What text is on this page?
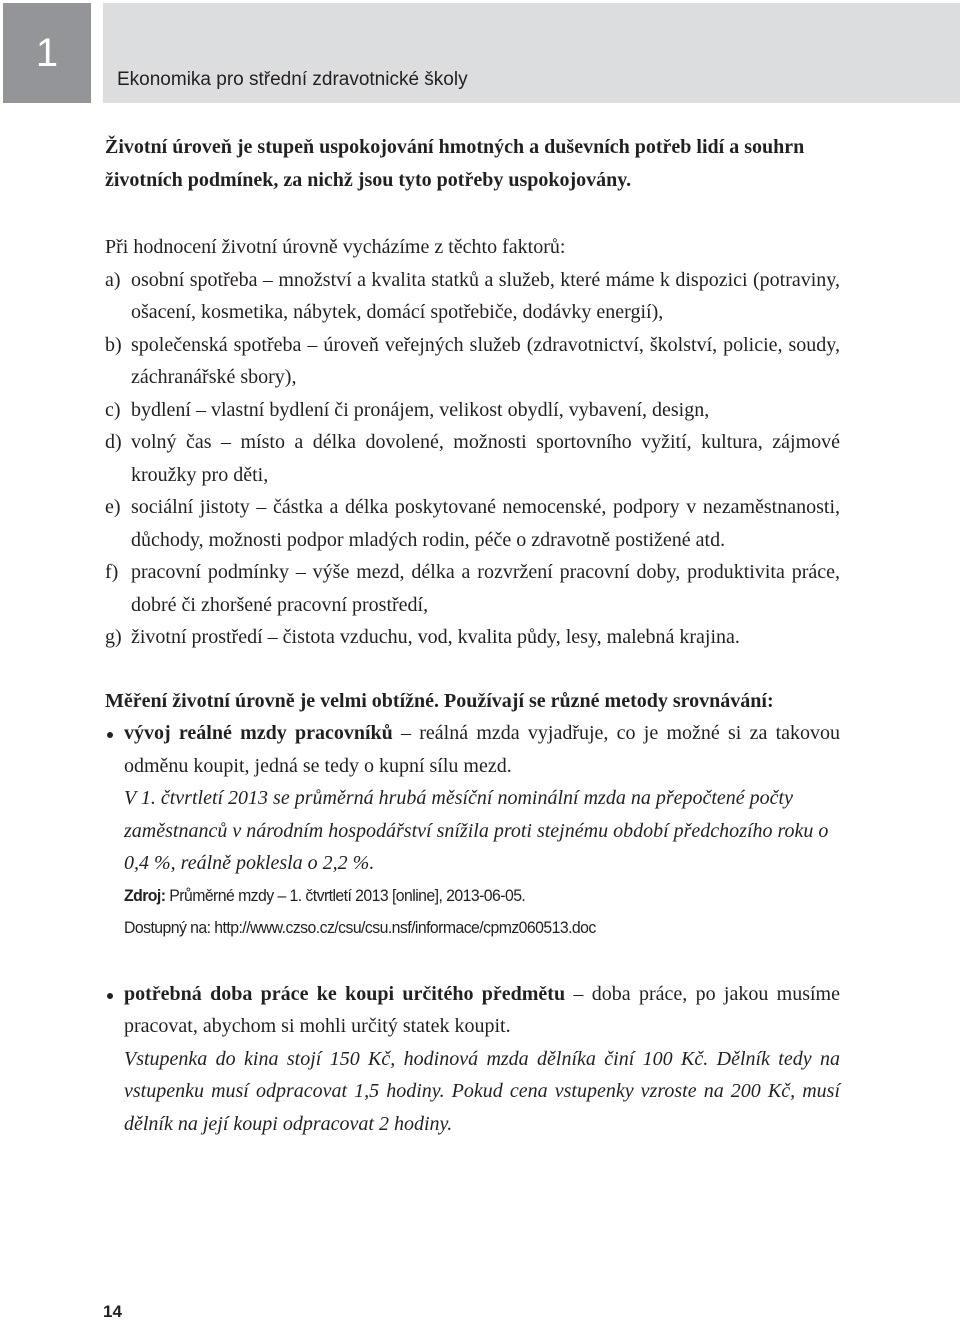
1
Ekonomika pro střední zdravotnické školy

Životní úroveň je stupeň uspokojování hmotných a duševních potřeb lidí a souhrn životních podmínek, za nichž jsou tyto potřeby uspokojovány.

Při hodnocení životní úrovně vycházíme z těchto faktorů:

a) osobní spotřeba – množství a kvalita statků a služeb, které máme k dispozici (potraviny, ošacení, kosmetika, nábytek, domácí spotřebiče, dodávky energií),
b) společenská spotřeba – úroveň veřejných služeb (zdravotnictví, školství, policie, soudy, záchranářské sbory),
c) bydlení – vlastní bydlení či pronájem, velikost obydlí, vybavení, design,
d) volný čas – místo a délka dovolené, možnosti sportovního vyžití, kultura, zájmové kroužky pro děti,
e) sociální jistoty – částka a délka poskytované nemocenské, podpory v nezaměstnanosti, důchody, možnosti podpor mladých rodin, péče o zdravotně postižené atd.
f) pracovní podmínky – výše mezd, délka a rozvržení pracovní doby, produktivita práce, dobré či zhoršené pracovní prostředí,
g) životní prostředí – čistota vzduchu, vod, kvalita půdy, lesy, malebná krajina.

Měření životní úrovně je velmi obtížné. Používají se různé metody srovnávání:

vývoj reálné mzdy pracovníků – reálná mzda vyjadřuje, co je možné si za takovou odměnu koupit, jedná se tedy o kupní sílu mezd.

V 1. čtvrtletí 2013 se průměrná hrubá měsíční nominální mzda na přepočtené počty zaměstnanců v národním hospodářství snížila proti stejnému období předchozího roku o 0,4 %, reálně poklesla o 2,2 %.

Zdroj: Průměrné mzdy – 1. čtvrtletí 2013 [online], 2013-06-05.

Dostupný na: http://www.czso.cz/csu/csu.nsf/informace/cpmz060513.doc

potřebná doba práce ke koupi určitého předmětu – doba práce, po jakou musíme pracovat, abychom si mohli určitý statek koupit.

Vstupenka do kina stojí 150 Kč, hodinová mzda dělníka činí 100 Kč. Dělník tedy na vstupenku musí odpracovat 1,5 hodiny. Pokud cena vstupenky vzroste na 200 Kč, musí dělník na její koupi odpracovat 2 hodiny.

14
